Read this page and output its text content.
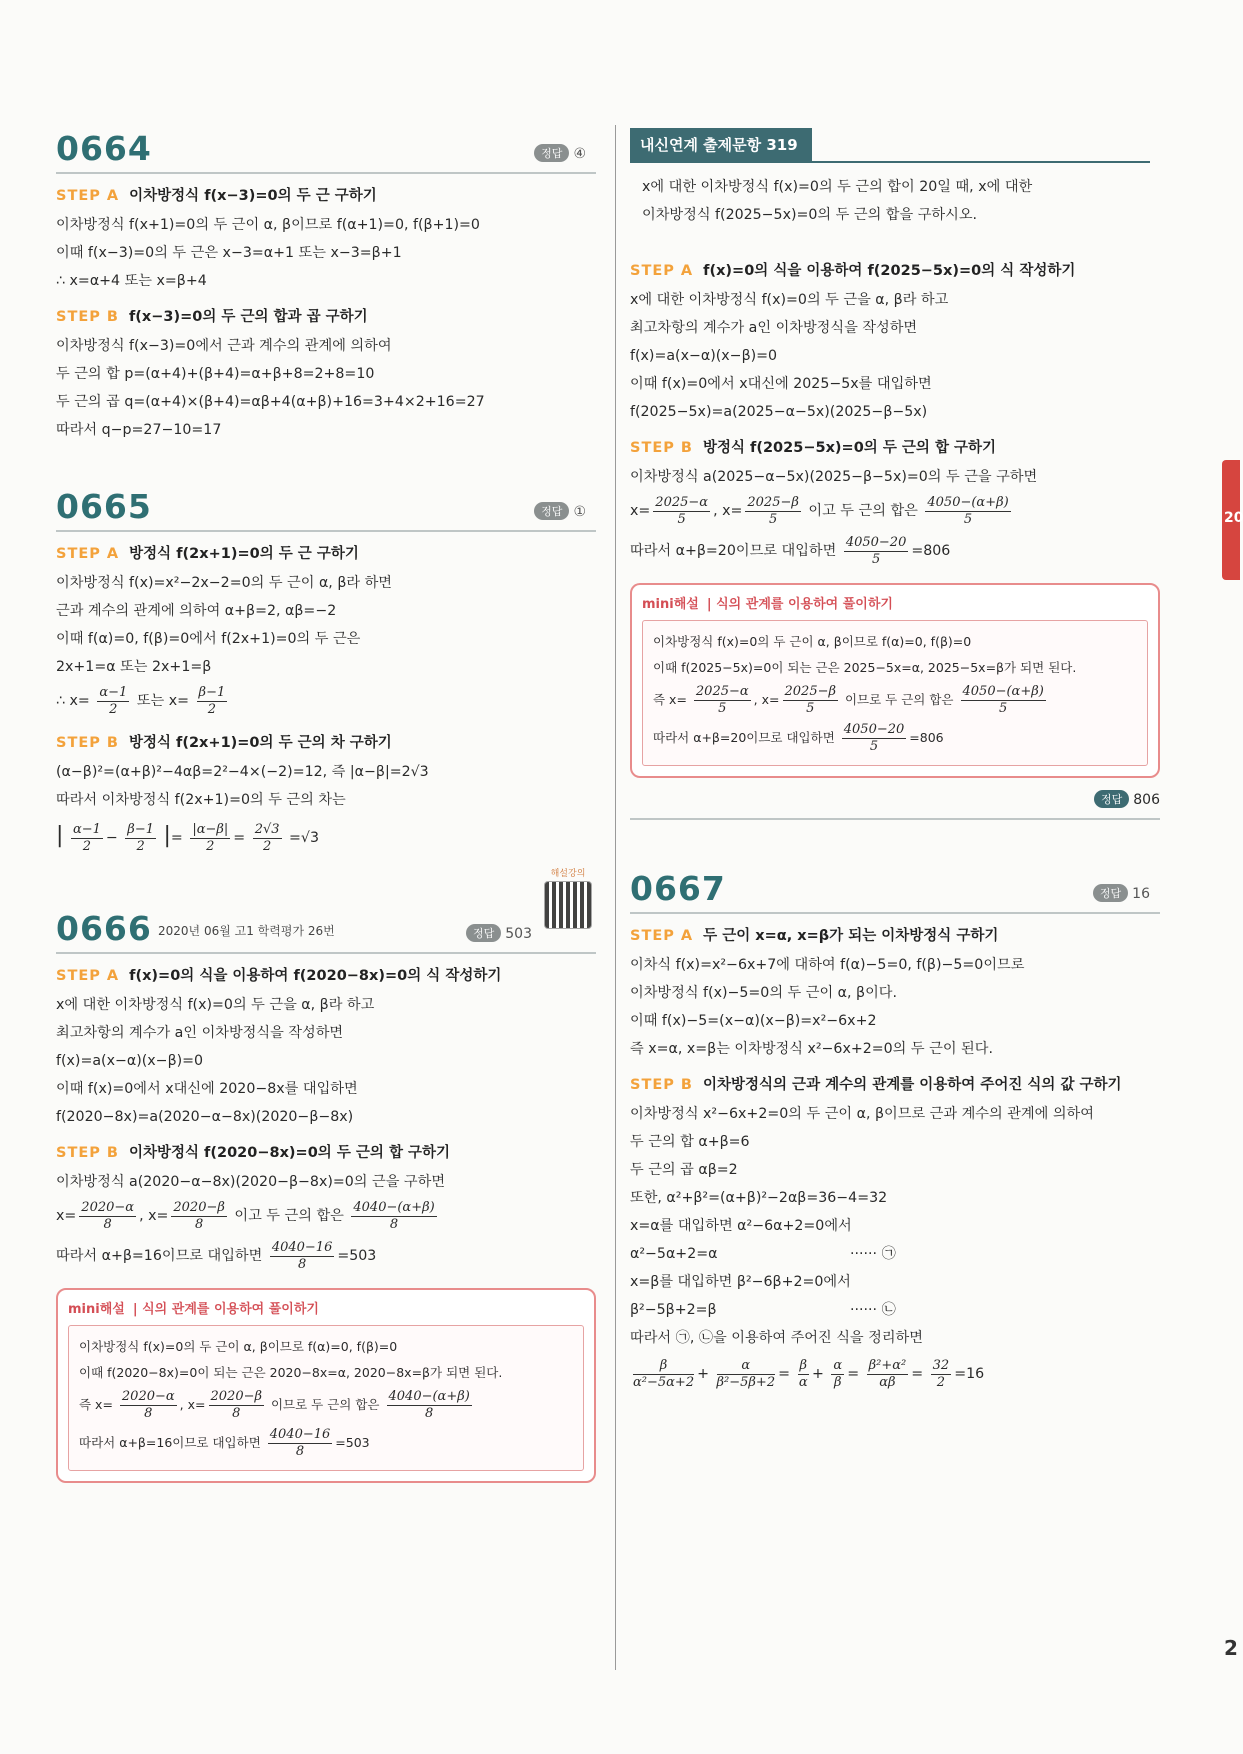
0664	정답 ④
STEP A 이차방정식 f(x−3)=0의 두 근 구하기
이차방정식 f(x+1)=0의 두 근이 α, β이므로 f(α+1)=0, f(β+1)=0
이때 f(x−3)=0의 두 근은 x−3=α+1 또는 x−3=β+1
∴ x=α+4 또는 x=β+4
STEP B f(x−3)=0의 두 근의 합과 곱 구하기
이차방정식 f(x−3)=0에서 근과 계수의 관계에 의하여
두 근의 합 p=(α+4)+(β+4)=α+β+8=2+8=10
두 근의 곱 q=(α+4)×(β+4)=αβ+4(α+β)+16=3+4×2+16=27
따라서 q−p=27−10=17
0665	정답 ①
STEP A 방정식 f(2x+1)=0의 두 근 구하기
이차방정식 f(x)=x²−2x−2=0의 두 근이 α, β라 하면
근과 계수의 관계에 의하여 α+β=2, αβ=−2
이때 f(α)=0, f(β)=0에서 f(2x+1)=0의 두 근은
2x+1=α 또는 2x+1=β
∴ $x= \frac{\alpha-1}{2}$ 또는 $x= \frac{\beta-1}{2}$
STEP B 방정식 f(2x+1)=0의 두 근의 차 구하기
(α−β)²=(α+β)²−4αβ=2²−4×(−2)=12, 즉 |α−β|=2√3
따라서 이차방정식 f(2x+1)=0의 두 근의 차는
| $\frac{\alpha-1}{2} - \frac{\beta-1}{2}$ |= $\frac{|\alpha-\beta|}{2} = \frac{2√3}{2} =√3$
0666 2020년 06월 고1 학력평가 26번	정답 503
해설강의
STEP A f(x)=0의 식을 이용하여 f(2020−8x)=0의 식 작성하기
x에 대한 이차방정식 f(x)=0의 두 근을 α, β라 하고
최고차항의 계수가 a인 이차방정식을 작성하면
f(x)=a(x−α)(x−β)=0
이때 f(x)=0에서 x대신에 2020−8x를 대입하면
f(2020−8x)=a(2020−α−8x)(2020−β−8x)
STEP B 이차방정식 f(2020−8x)=0의 두 근의 합 구하기
이차방정식 a(2020−α−8x)(2020−β−8x)=0의 근을 구하면
$x= \frac{2020-\alpha}{8}$ , $x= \frac{2020-\beta}{8}$ 이고 두 근의 합은 $\frac{4040-(\alpha+\beta)}{8}$
따라서 α+β=16이므로 대입하면 $\frac{4040-16}{8} =503$
mini해설 | 식의 관계를 이용하여 풀이하기
이차방정식 f(x)=0의 두 근이 α, β이므로 f(α)=0, f(β)=0
이때 f(2020−8x)=0이 되는 근은 2020−8x=α, 2020−8x=β가 되면 된다.
즉 $x= \frac{2020-\alpha}{8}$ , $x= \frac{2020-\beta}{8}$ 이므로 두 근의 합은 $\frac{4040-(\alpha+\beta)}{8}$
따라서 α+β=16이므로 대입하면 $\frac{4040-16}{8} =503$
내신연계 출제문항 319
x에 대한 이차방정식 f(x)=0의 두 근의 합이 20일 때, x에 대한
이차방정식 f(2025−5x)=0의 두 근의 합을 구하시오.
STEP A f(x)=0의 식을 이용하여 f(2025−5x)=0의 식 작성하기
x에 대한 이차방정식 f(x)=0의 두 근을 α, β라 하고
최고차항의 계수가 a인 이차방정식을 작성하면
f(x)=a(x−α)(x−β)=0
이때 f(x)=0에서 x대신에 2025−5x를 대입하면
f(2025−5x)=a(2025−α−5x)(2025−β−5x)
STEP B 방정식 f(2025−5x)=0의 두 근의 합 구하기
이차방정식 a(2025−α−5x)(2025−β−5x)=0의 두 근을 구하면
$x= \frac{2025-\alpha}{5}$ , $x= \frac{2025-\beta}{5}$ 이고 두 근의 합은 $\frac{4050-(\alpha+\beta)}{5}$
따라서 α+β=20이므로 대입하면 $\frac{4050-20}{5} =806$
mini해설 | 식의 관계를 이용하여 풀이하기
이차방정식 f(x)=0의 두 근이 α, β이므로 f(α)=0, f(β)=0
이때 f(2025−5x)=0이 되는 근은 2025−5x=α, 2025−5x=β가 되면 된다.
즉 $x= \frac{2025-\alpha}{5}$ , $x= \frac{2025-\beta}{5}$ 이므로 두 근의 합은 $\frac{4050-(\alpha+\beta)}{5}$
따라서 α+β=20이므로 대입하면 $\frac{4050-20}{5} =806$
정답 806
0667	정답 16
STEP A 두 근이 x=α, x=β가 되는 이차방정식 구하기
이차식 f(x)=x²−6x+7에 대하여 f(α)−5=0, f(β)−5=0이므로
이차방정식 f(x)−5=0의 두 근이 α, β이다.
이때 f(x)−5=(x−α)(x−β)=x²−6x+2
즉 x=α, x=β는 이차방정식 x²−6x+2=0의 두 근이 된다.
STEP B 이차방정식의 근과 계수의 관계를 이용하여 주어진 식의 값 구하기
이차방정식 x²−6x+2=0의 두 근이 α, β이므로 근과 계수의 관계에 의하여
두 근의 합 α+β=6
두 근의 곱 αβ=2
또한, α²+β²=(α+β)²−2αβ=36−4=32
x=α를 대입하면 α²−6α+2=0에서
α²−5α+2=α	······ ㉠
x=β를 대입하면 β²−6β+2=0에서
β²−5β+2=β	······ ㉡
따라서 ㉠, ㉡을 이용하여 주어진 식을 정리하면
$\frac{\beta}{\text{α²−5α+2}} + \frac{\alpha}{\text{β²−5β+2}} = \frac{\beta}{\alpha} + \frac{\alpha}{\beta} = \frac{\text{β²+α²}}{\alpha\beta} = \frac{32}{2} =16$
20
2
